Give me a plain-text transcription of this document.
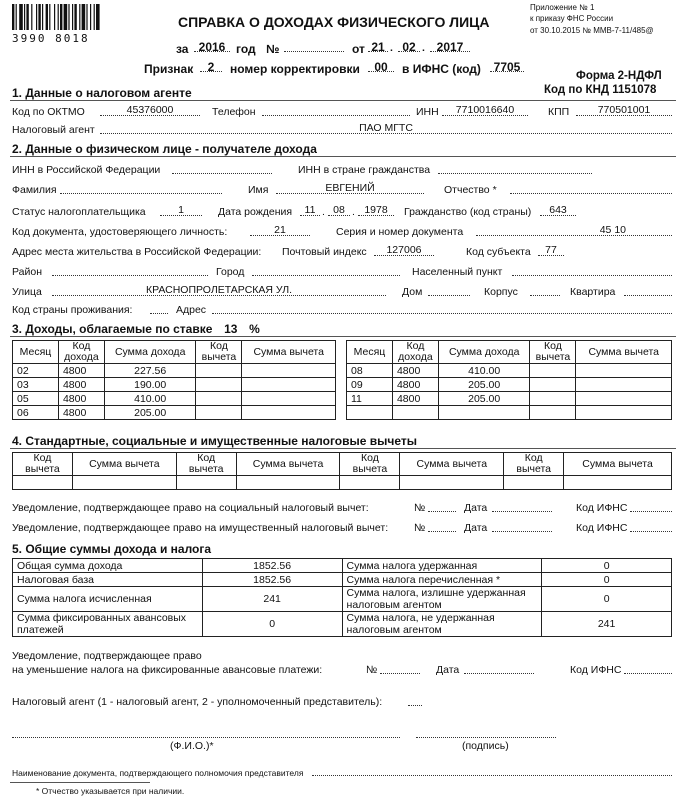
3990 8018
Приложение № 1
к приказу ФНС России
от 30.10.2015 № ММВ-7-11/485@
СПРАВКА О ДОХОДАХ ФИЗИЧЕСКОГО ЛИЦА
за 2016 год №	от 21 . 02 . 2017
Признак	2	номер корректировки	00	в ИФНС (код)	7705
Форма 2-НДФЛ
Код по КНД 1151078
1. Данные о налоговом агенте
Код по ОКТМО	45376000	Телефон	ИНН	7710016640	КПП	770501001
Налоговый агент	ПАО МГТС
2. Данные о физическом лице - получателе дохода
ИНН в Российской Федерации	ИНН в стране гражданства
Фамилия	Имя	ЕВГЕНИЙ	Отчество *
Статус налогоплательщика	1	Дата рождения	11 . 08 . 1978	Гражданство (код страны)	643
Код документа, удостоверяющего личность:	21	Серия и номер документа	45 10
Адрес места жительства в Российской Федерации: Почтовый индекс	127006	Код субъекта	77
Район	Город	Населенный пункт
Улица	КРАСНОПРОЛЕТАРСКАЯ УЛ.	Дом	Корпус	Квартира
Код страны проживания:	Адрес
3. Доходы, облагаемые по ставке 13 %
Месяц	Код дохода	Сумма дохода	Код вычета	Сумма вычета
02	4800	227.56		
03	4800	190.00		
05	4800	410.00		
06	4800	205.00		
Месяц	Код дохода	Сумма дохода	Код вычета	Сумма вычета
08	4800	410.00		
09	4800	205.00		
11	4800	205.00		

4. Стандартные, социальные и имущественные налоговые вычеты
Код вычета	Сумма вычета	Код вычета	Сумма вычета	Код вычета	Сумма вычета	Код вычета	Сумма вычета

Уведомление, подтверждающее право на социальный налоговый вычет:	№	Дата	Код ИФНС
Уведомление, подтверждающее право на имущественный налоговый вычет: №	Дата	Код ИФНС
5. Общие суммы дохода и налога
Общая сумма дохода	1852.56	Сумма налога удержанная	0
Налоговая база	1852.56	Сумма налога перечисленная *	0
Сумма налога исчисленная	241	Сумма налога, излишне удержанная налоговым агентом	0
Сумма фиксированных авансовых платежей	0	Сумма налога, не удержанная налоговым агентом	241
Уведомление, подтверждающее право
на уменьшение налога на фиксированные авансовые платежи:	№	Дата	Код ИФНС
Налоговый агент (1 - налоговый агент, 2 - уполномоченный представитель):
(Ф.И.О.)*	(подпись)
Наименование документа, подтверждающего полномочия представителя
* Отчество указывается при наличии.
